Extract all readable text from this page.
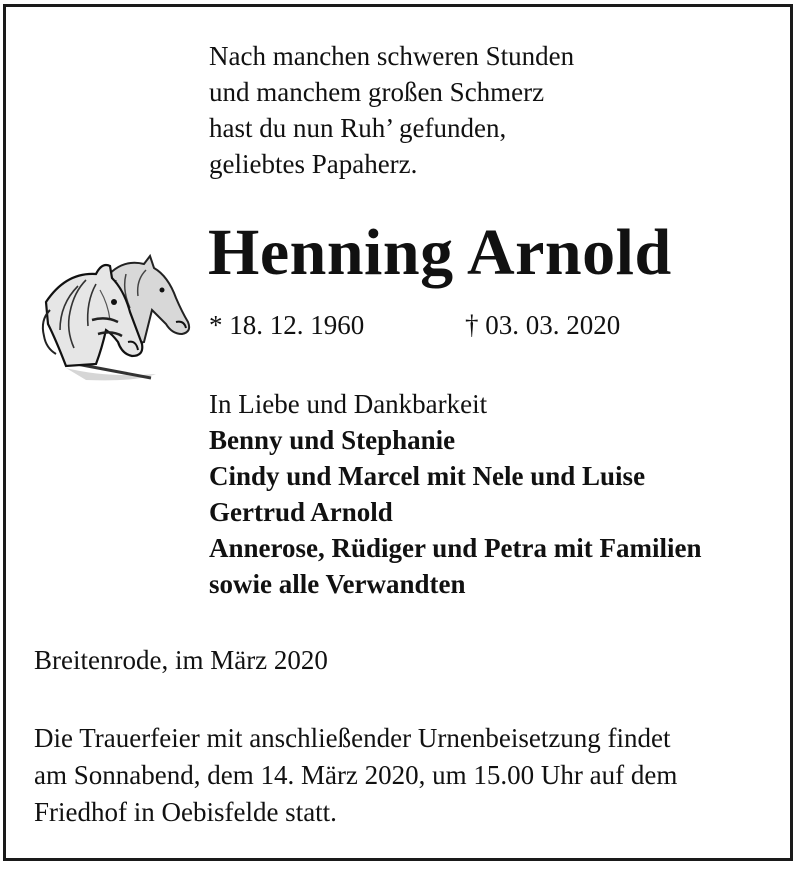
Nach manchen schweren Stunden
und manchem großen Schmerz
hast du nun Ruh’ gefunden,
geliebtes Papaherz.
Henning Arnold
* 18. 12. 1960	† 03. 03. 2020
In Liebe und Dankbarkeit
Benny und Stephanie
Cindy und Marcel mit Nele und Luise
Gertrud Arnold
Annerose, Rüdiger und Petra mit Familien
sowie alle Verwandten
Breitenrode, im März 2020
Die Trauerfeier mit anschließender Urnenbeisetzung findet
am Sonnabend, dem 14. März 2020, um 15.00 Uhr auf dem
Friedhof in Oebisfelde statt.
